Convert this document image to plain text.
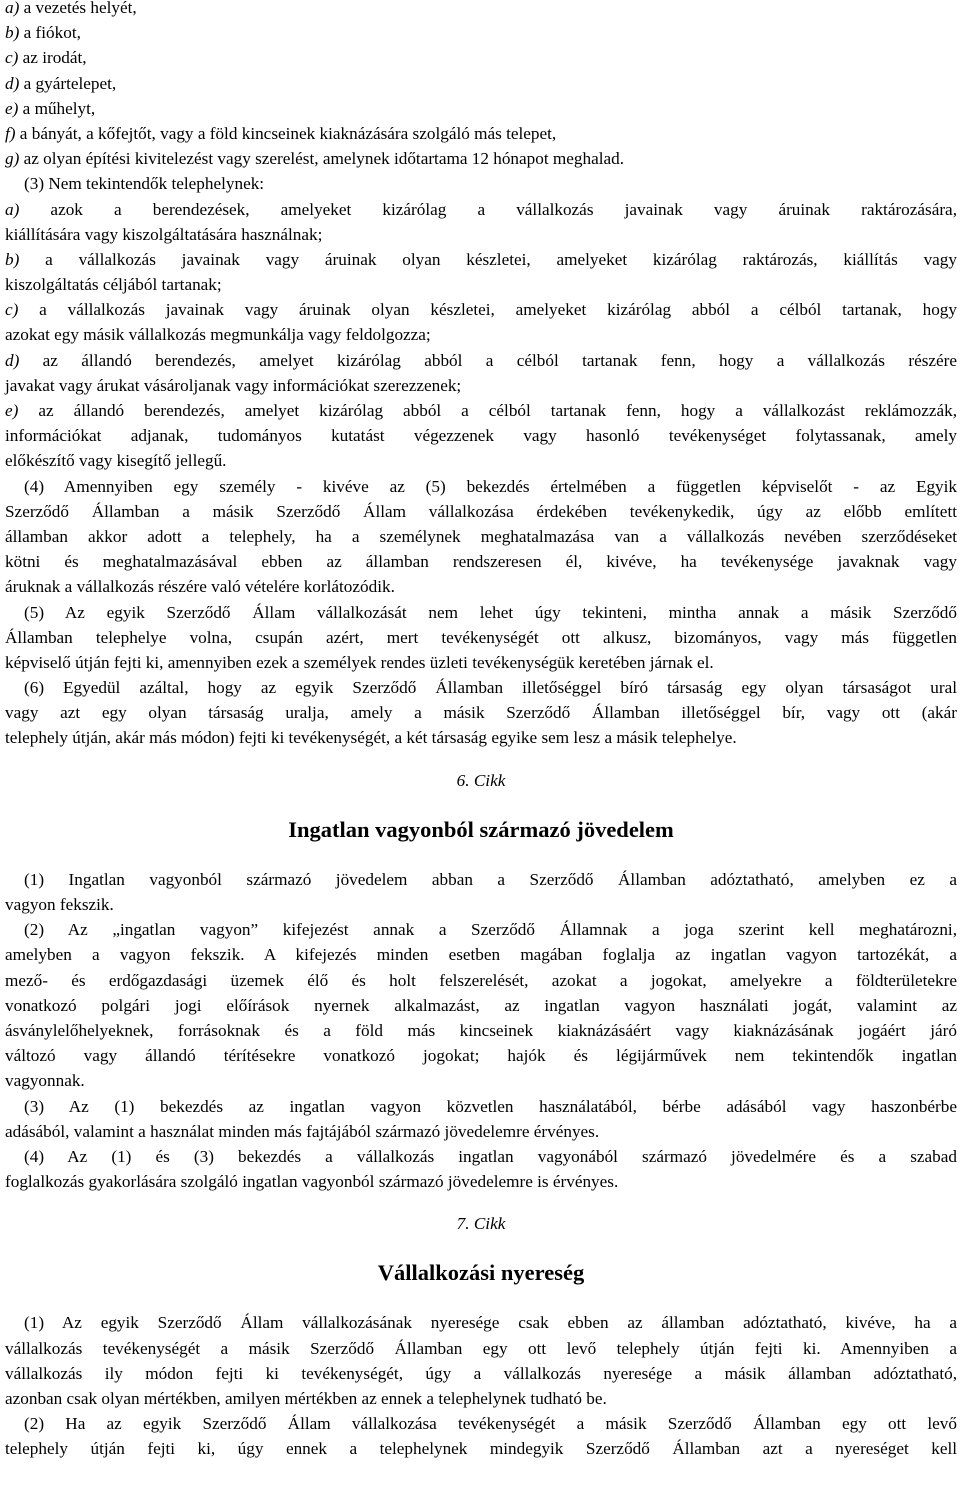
a) a vezetés helyét,
b) a fiókot,
c) az irodát,
d) a gyártelepet,
e) a műhelyt,
f) a bányát, a kőfejtőt, vagy a föld kincseinek kiaknázására szolgáló más telepet,
g) az olyan építési kivitelezést vagy szerelést, amelynek időtartama 12 hónapot meghalad.
(3) Nem tekintendők telephelynek:
a) azok a berendezések, amelyeket kizárólag a vállalkozás javainak vagy áruinak raktározására,
kiállítására vagy kiszolgáltatására használnak;
b) a vállalkozás javainak vagy áruinak olyan készletei, amelyeket kizárólag raktározás, kiállítás vagy
kiszolgáltatás céljából tartanak;
c) a vállalkozás javainak vagy áruinak olyan készletei, amelyeket kizárólag abból a célból tartanak, hogy
azokat egy másik vállalkozás megmunkálja vagy feldolgozza;
d) az állandó berendezés, amelyet kizárólag abból a célból tartanak fenn, hogy a vállalkozás részére
javakat vagy árukat vásároljanak vagy információkat szerezzenek;
e) az állandó berendezés, amelyet kizárólag abból a célból tartanak fenn, hogy a vállalkozást reklámozzák,
információkat adjanak, tudományos kutatást végezzenek vagy hasonló tevékenységet folytassanak, amely
előkészítő vagy kisegítő jellegű.
(4) Amennyiben egy személy - kivéve az (5) bekezdés értelmében a független képviselőt - az Egyik
Szerződő Államban a másik Szerződő Állam vállalkozása érdekében tevékenykedik, úgy az előbb említett
államban akkor adott a telephely, ha a személynek meghatalmazása van a vállalkozás nevében szerződéseket
kötni és meghatalmazásával ebben az államban rendszeresen él, kivéve, ha tevékenysége javaknak vagy
áruknak a vállalkozás részére való vételére korlátozódik.
(5) Az egyik Szerződő Állam vállalkozását nem lehet úgy tekinteni, mintha annak a másik Szerződő
Államban telephelye volna, csupán azért, mert tevékenységét ott alkusz, bizományos, vagy más független
képviselő útján fejti ki, amennyiben ezek a személyek rendes üzleti tevékenységük keretében járnak el.
(6) Egyedül azáltal, hogy az egyik Szerződő Államban illetőséggel bíró társaság egy olyan társaságot ural
vagy azt egy olyan társaság uralja, amely a másik Szerződő Államban illetőséggel bír, vagy ott (akár
telephely útján, akár más módon) fejti ki tevékenységét, a két társaság egyike sem lesz a másik telephelye.
6. Cikk
Ingatlan vagyonból származó jövedelem
(1) Ingatlan vagyonból származó jövedelem abban a Szerződő Államban adóztatható, amelyben ez a
vagyon fekszik.
(2) Az „ingatlan vagyon” kifejezést annak a Szerződő Államnak a joga szerint kell meghatározni,
amelyben a vagyon fekszik. A kifejezés minden esetben magában foglalja az ingatlan vagyon tartozékát, a
mező- és erdőgazdasági üzemek élő és holt felszerelését, azokat a jogokat, amelyekre a földterületekre
vonatkozó polgári jogi előírások nyernek alkalmazást, az ingatlan vagyon használati jogát, valamint az
ásványlelőhelyeknek, forrásoknak és a föld más kincseinek kiaknázásáért vagy kiaknázásának jogáért járó
változó vagy állandó térítésekre vonatkozó jogokat; hajók és légijárművek nem tekintendők ingatlan
vagyonnak.
(3) Az (1) bekezdés az ingatlan vagyon közvetlen használatából, bérbe adásából vagy haszonbérbe
adásából, valamint a használat minden más fajtájából származó jövedelemre érvényes.
(4) Az (1) és (3) bekezdés a vállalkozás ingatlan vagyonából származó jövedelmére és a szabad
foglalkozás gyakorlására szolgáló ingatlan vagyonból származó jövedelemre is érvényes.
7. Cikk
Vállalkozási nyereség
(1) Az egyik Szerződő Állam vállalkozásának nyeresége csak ebben az államban adóztatható, kivéve, ha a
vállalkozás tevékenységét a másik Szerződő Államban egy ott levő telephely útján fejti ki. Amennyiben a
vállalkozás ily módon fejti ki tevékenységét, úgy a vállalkozás nyeresége a másik államban adóztatható,
azonban csak olyan mértékben, amilyen mértékben az ennek a telephelynek tudható be.
(2) Ha az egyik Szerződő Állam vállalkozása tevékenységét a másik Szerződő Államban egy ott levő
telephely útján fejti ki, úgy ennek a telephelynek mindegyik Szerződő Államban azt a nyereséget kell
